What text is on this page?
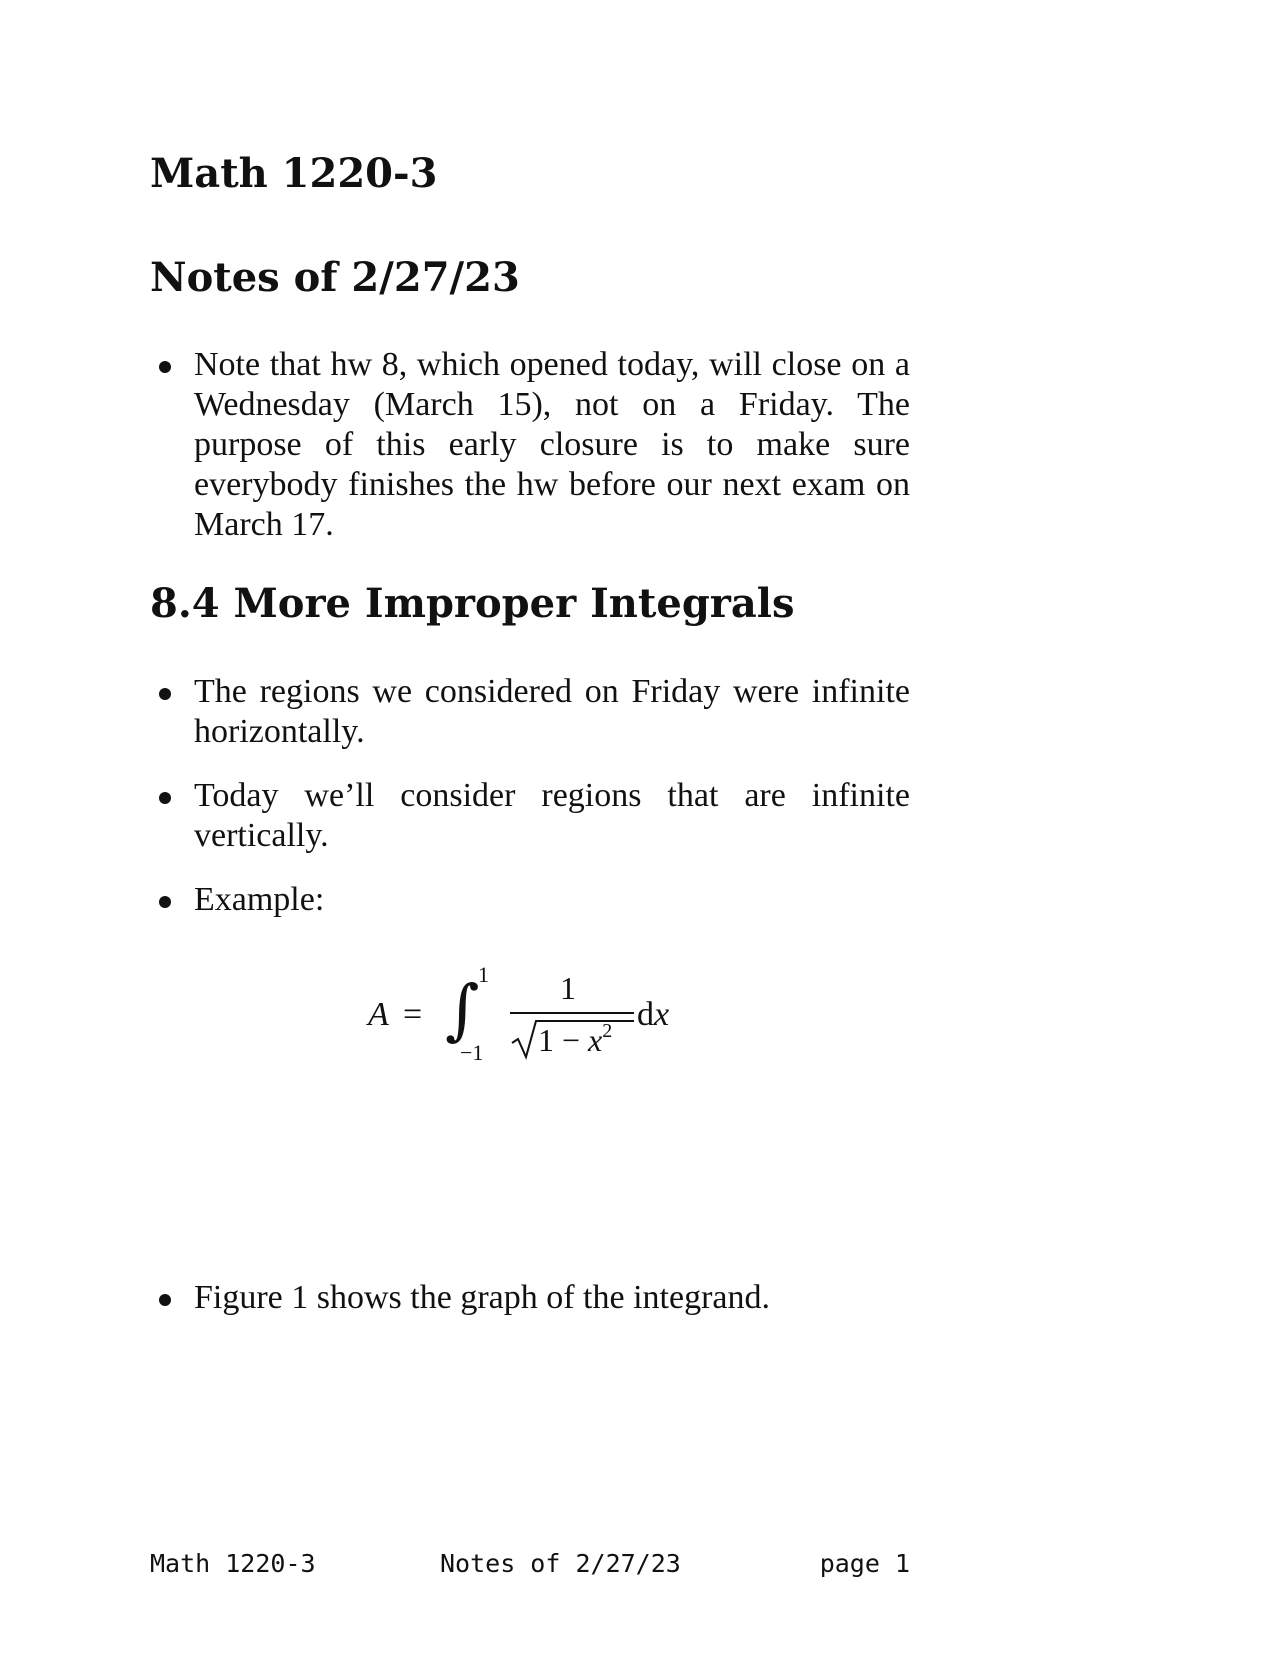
Math 1220-3
Notes of 2/27/23
Note that hw 8, which opened today, will close on a Wednesday (March 15), not on a Friday. The purpose of this early closure is to make sure everybody finishes the hw before our next exam on March 17.
8.4 More Improper Integrals
The regions we considered on Friday were infinite horizontally.
Today we’ll consider regions that are infinite vertically.
Example:
A = ∫
1
−1
1
$1 - x^2$ dx
Figure 1 shows the graph of the integrand.
Math 1220-3	Notes of 2/27/23	page 1
